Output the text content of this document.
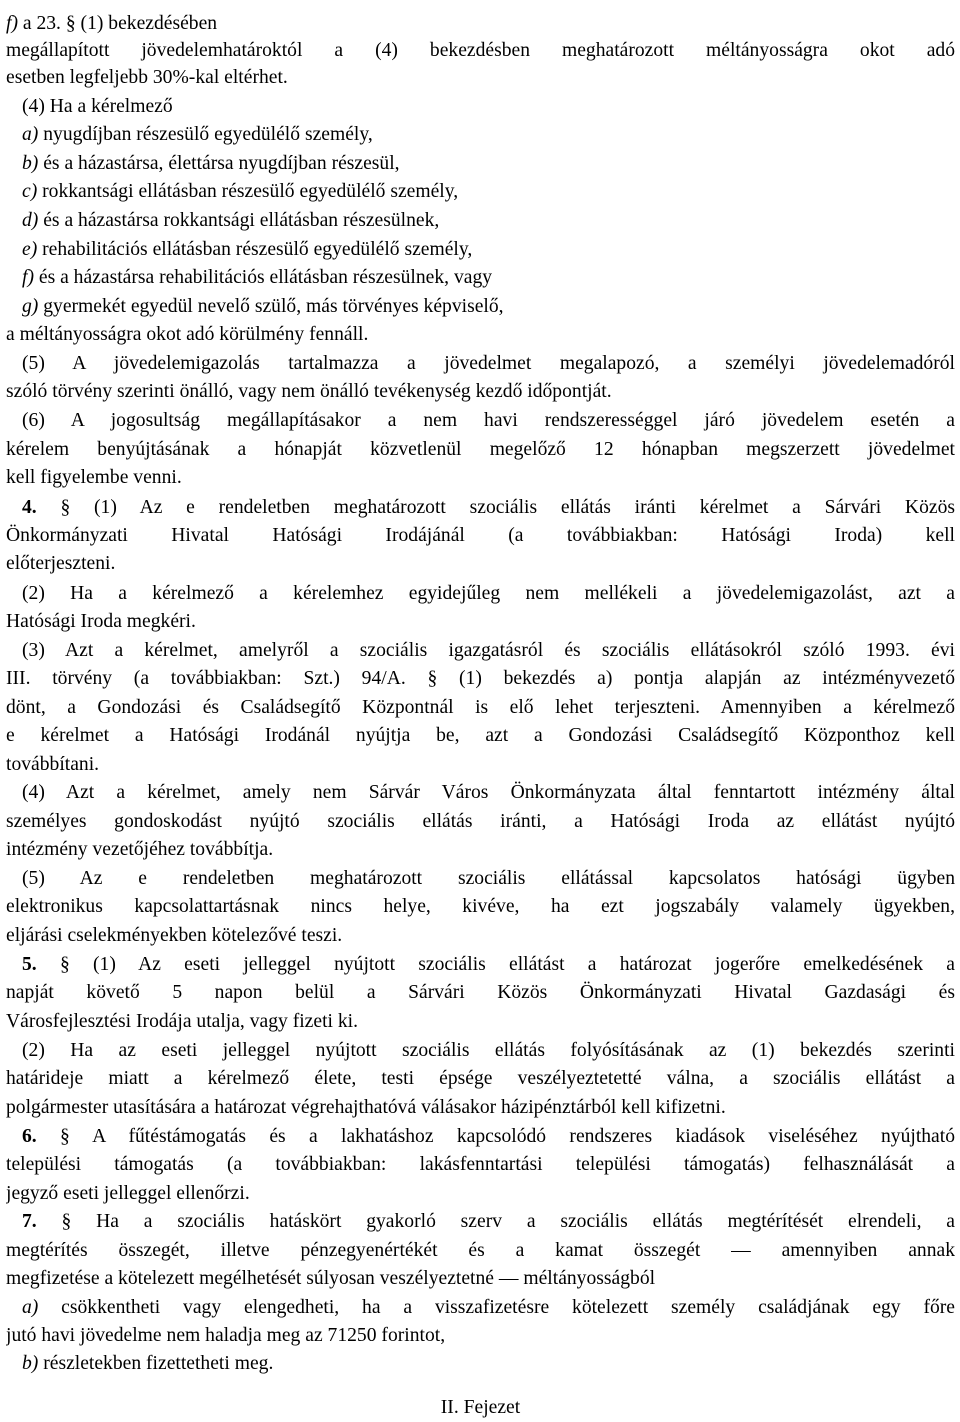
f) a 23. § (1) bekezdésében
megállapított jövedelemhatároktól a (4) bekezdésben meghatározott méltányosságra okot adó
esetben legfeljebb 30%-kal eltérhet.
(4) Ha a kérelmező
a) nyugdíjban részesülő egyedülélő személy,
b) és a házastársa, élettársa nyugdíjban részesül,
c) rokkantsági ellátásban részesülő egyedülélő személy,
d) és a házastársa rokkantsági ellátásban részesülnek,
e) rehabilitációs ellátásban részesülő egyedülélő személy,
f) és a házastársa rehabilitációs ellátásban részesülnek, vagy
g) gyermekét egyedül nevelő szülő, más törvényes képviselő,
a méltányosságra okot adó körülmény fennáll.
(5) A jövedelemigazolás tartalmazza a jövedelmet megalapozó, a személyi jövedelemadóról
szóló törvény szerinti önálló, vagy nem önálló tevékenység kezdő időpontját.
(6) A jogosultság megállapításakor a nem havi rendszerességgel járó jövedelem esetén a
kérelem benyújtásának a hónapját közvetlenül megelőző 12 hónapban megszerzett jövedelmet
kell figyelembe venni.
4. § (1) Az e rendeletben meghatározott szociális ellátás iránti kérelmet a Sárvári Közös
Önkormányzati Hivatal Hatósági Irodájánál (a továbbiakban: Hatósági Iroda) kell
előterjeszteni.
(2) Ha a kérelmező a kérelemhez egyidejűleg nem mellékeli a jövedelemigazolást, azt a
Hatósági Iroda megkéri.
(3) Azt a kérelmet, amelyről a szociális igazgatásról és szociális ellátásokról szóló 1993. évi
III. törvény (a továbbiakban: Szt.) 94/A. § (1) bekezdés a) pontja alapján az intézményvezető
dönt, a Gondozási és Családsegítő Központnál is elő lehet terjeszteni. Amennyiben a kérelmező
e kérelmet a Hatósági Irodánál nyújtja be, azt a Gondozási Családsegítő Központhoz kell
továbbítani.
(4) Azt a kérelmet, amely nem Sárvár Város Önkormányzata által fenntartott intézmény által
személyes gondoskodást nyújtó szociális ellátás iránti, a Hatósági Iroda az ellátást nyújtó
intézmény vezetőjéhez továbbítja.
(5) Az e rendeletben meghatározott szociális ellátással kapcsolatos hatósági ügyben
elektronikus kapcsolattartásnak nincs helye, kivéve, ha ezt jogszabály valamely ügyekben,
eljárási cselekményekben kötelezővé teszi.
5. § (1) Az eseti jelleggel nyújtott szociális ellátást a határozat jogerőre emelkedésének a
napját követő 5 napon belül a Sárvári Közös Önkormányzati Hivatal Gazdasági és
Városfejlesztési Irodája utalja, vagy fizeti ki.
(2) Ha az eseti jelleggel nyújtott szociális ellátás folyósításának az (1) bekezdés szerinti
határideje miatt a kérelmező élete, testi épsége veszélyeztetetté válna, a szociális ellátást a
polgármester utasítására a határozat végrehajthatóvá válásakor házipénztárból kell kifizetni.
6. § A fűtéstámogatás és a lakhatáshoz kapcsolódó rendszeres kiadások viseléséhez nyújtható
települési támogatás (a továbbiakban: lakásfenntartási települési támogatás) felhasználását a
jegyző eseti jelleggel ellenőrzi.
7. § Ha a szociális hatáskört gyakorló szerv a szociális ellátás megtérítését elrendeli, a
megtérítés összegét, illetve pénzegyenértékét és a kamat összegét — amennyiben annak
megfizetése a kötelezett megélhetését súlyosan veszélyeztetné — méltányosságból
a) csökkentheti vagy elengedheti, ha a visszafizetésre kötelezett személy családjának egy főre
jutó havi jövedelme nem haladja meg az 71250 forintot,
b) részletekben fizettetheti meg.
II. Fejezet
